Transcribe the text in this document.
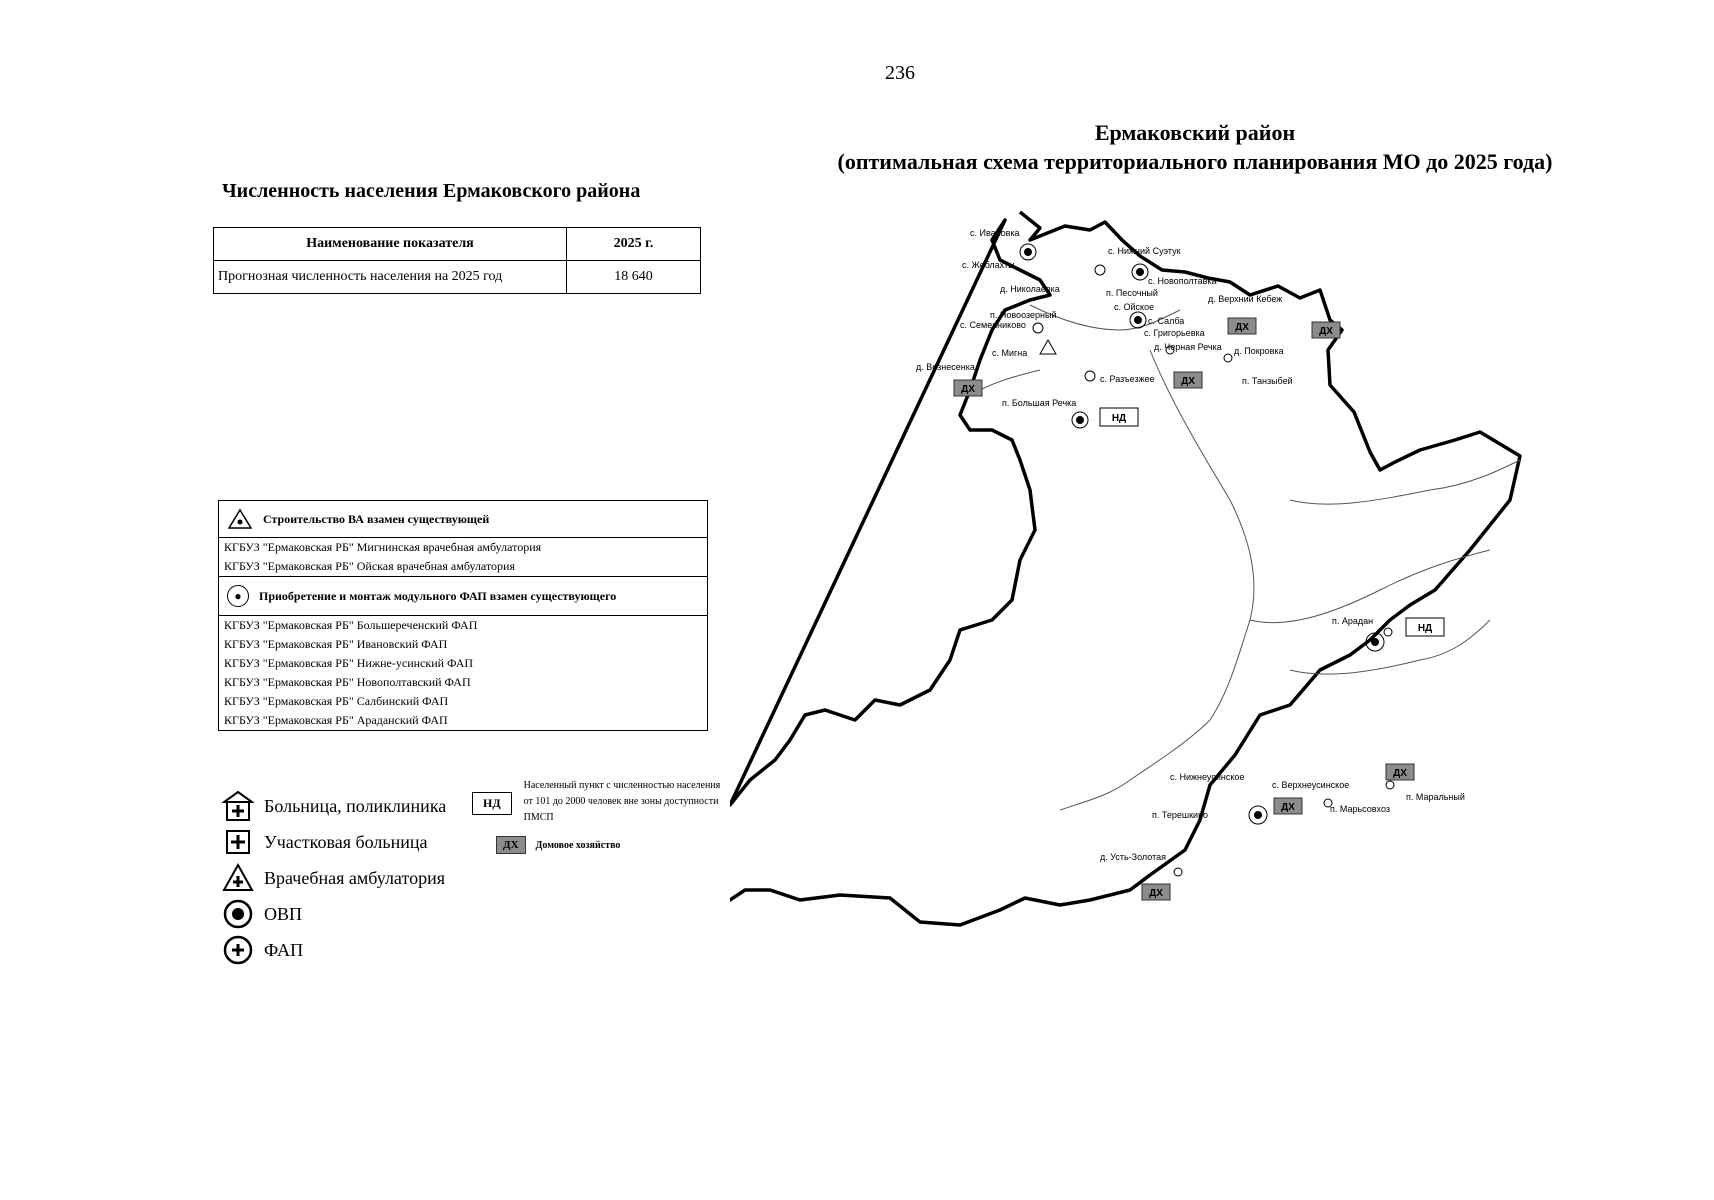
236
Ермаковский район
(оптимальная схема территориального планирования МО до 2025 года)
Численность населения Ермаковского района
Наименование показателя	2025 г.
Прогнозная численность населения на 2025 год	18 640
Строительство ВА взамен существующей
КГБУЗ "Ермаковская РБ" Мигнинская врачебная амбулатория
КГБУЗ "Ермаковская РБ" Ойская врачебная амбулатория
●	Приобретение и монтаж модульного ФАП взамен существующего
КГБУЗ "Ермаковская РБ" Большереченский ФАП
КГБУЗ "Ермаковская РБ" Ивановский ФАП
КГБУЗ "Ермаковская РБ" Нижне-усинский ФАП
КГБУЗ "Ермаковская РБ" Новополтавский ФАП
КГБУЗ "Ермаковская РБ" Салбинский ФАП
КГБУЗ "Ермаковская РБ" Араданский ФАП
Больница, поликлиника
Участковая больница
Врачебная амбулатория
ОВП
ФАП
НД
Населенный пункт с численностью населения от 101 до 2000 человек вне зоны доступности ПМСП
ДХ	Домовое хозяйство
с. Ивановка
с. Жеблахты
д. Николаевка
п. Новоозерный
с. Семенниково
с. Мигна
д. Вознесенка
с. Нижний Суэтук
с. Новополтавка
п. Песочный
с. Ойское
с. Салба
с. Григорьевка
д. Верхний Кебеж
д. Черная Речка д. Покровка
п. Танзыбей
с. Разъезжее
п. Большая Речка
п. Арадан
с. Нижнеусинское
с. Верхнеусинское
п. Терешкино
п. Марьсовхоз
п. Маральный
д. Усть-Золотая
ДХ
ДХ
ДХ	ДХ
ДХ
ДХ
ДХ
НД
НД
